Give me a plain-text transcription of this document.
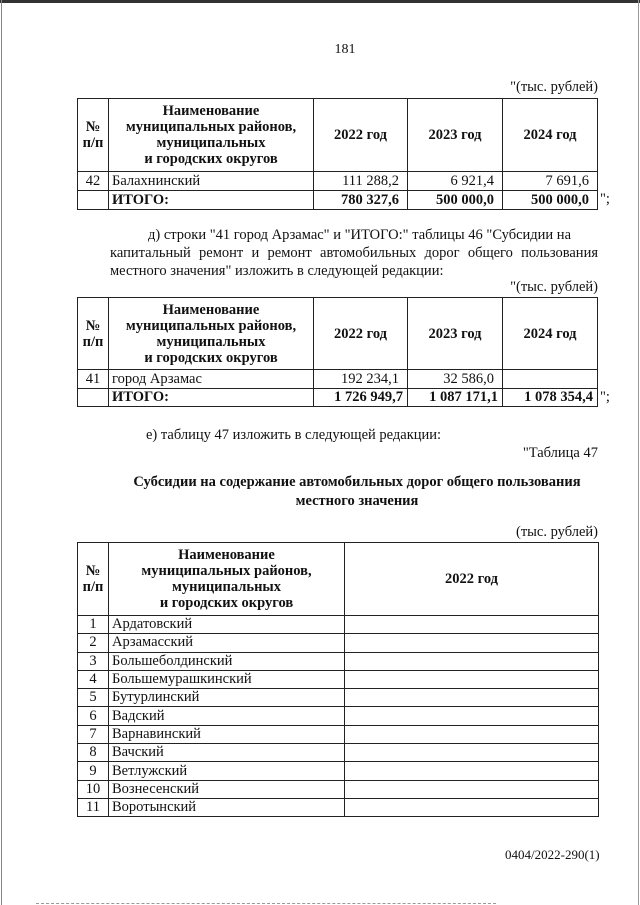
181
"(тыс. рублей)
№
п/п	Наименование
муниципальных районов,
муниципальных
и городских округов	2022 год	2023 год	2024 год
42	Балахнинский	111 288,2	6 921,4	7 691,6
	ИТОГО:	780 327,6	500 000,0	500 000,0 ";
д) строки "41 город Арзамас" и "ИТОГО:" таблицы 46 "Субсидии на
капитальный ремонт и ремонт автомобильных дорог общего пользования
местного значения" изложить в следующей редакции:
"(тыс. рублей)
№
п/п	Наименование
муниципальных районов,
муниципальных
и городских округов	2022 год	2023 год	2024 год
41	город Арзамас	192 234,1	32 586,0	
	ИТОГО:	1 726 949,7	1 087 171,1	1 078 354,4 ";
е) таблицу 47 изложить в следующей редакции:
"Таблица 47
Субсидии на содержание автомобильных дорог общего пользования
местного значения
(тыс. рублей)
№
п/п	Наименование
муниципальных районов,
муниципальных
и городских округов	2022 год
1	Ардатовский	
2	Арзамасский	
3	Большеболдинский	
4	Большемурашкинский	
5	Бутурлинский	
6	Вадский	
7	Варнавинский	
8	Вачский	
9	Ветлужский	
10	Вознесенский	
11	Воротынский	
0404/2022-290(1)
